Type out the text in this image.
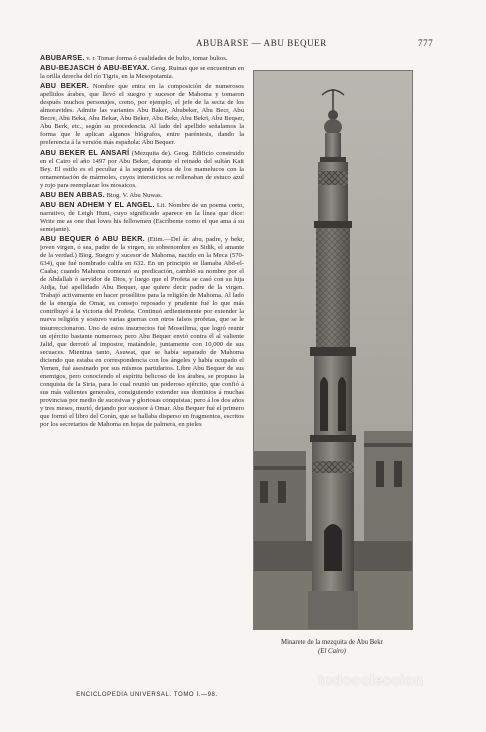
ABUBARSE — ABU BEQUER	777

ABUBARSE. v. r. Tomar forma ó cualidades de bulto, tomar bultos.

ABU-BEJASCH ó ABU-BEYAX. Geog. Ruinas que se encuentran en la orilla derecha del río Tigris, en la Mesopotamia.

ABU BEKER. Nombre que entra en la composición de numerosos apellidos árabes, que llevó el suegro y sucesor de Mahoma y tomaron después muchos personajes, como, por ejemplo, el jefe de la secta de los almoravides. Admite las variantes Abu Baker, Abubeker, Abu Becr, Abu Becre, Abu Beka, Abu Bekar, Abu Beker, Abu Bekr, Abu Bekri, Abu Beqser, Abu Berk, etc., según su procedencia. Al lado del apellido señalamos la forma que le aplican algunos biógrafos, entre paréntesis, dando la preferencia á la versión más española: Abu Bequer.

ABU BEKER EL ANSARÍ (Mezquita de). Geog. Edificio construido en el Cairo el año 1497 por Abu Beker, durante el reinado del sultán Kait Bey. El estilo es el peculiar á la segunda época de los mamelucos con la ornamentación de mármoles, cuyos intersticios se rellenaban de estuco azul y rojo para reemplazar los mosaicos.

ABU BEN ABBAS. Biog. V. Abu Nuwas.

ABU BEN ADHEM Y EL ANGEL. Lit. Nombre de un poema corto, narrativo, de Leigh Hunt, cuyo significado aparece en la línea que dice: Write me as one that loves his fellowmen (Escríbeme como el que ama á su semejante).

ABU BEQUER ó ABU BEKR. (Etim.—Del ár. abu, padre, y bekr, joven virgen, ó sea, padre de la virgen, su sobrenombre es Sidik, el amante de la verdad.) Biog. Suegro y sucesor de Mahoma, nacido en la Meca (570-634), que fué nombrado califa en 632. En un principio se llamaba Abd-el-Caaba; cuando Mahoma comenzó su predicación, cambió su nombre por el de Abdallah ó servidor de Dios, y luego que el Profeta se casó con su hija Aidja, fué apellidado Abu Bequer, que quiere decir padre de la virgen. Trabajó activamente en hacer prosélitos para la religión de Mahoma. Al lado de la energía de Omar, su consejo reposado y prudente fué lo que más contribuyó á la victoria del Profeta. Continuó ardientemente por extender la nueva religión y sostuvo varias guerras con otros falsos profetas, que se le insurreccionaron. Uno de estos insurrectos fué Moseilima, que logró reunir un ejército bastante numeroso; pero Abu Bequer envió contra él al valiente Jalid, que derrotó al impostor, matándole, juntamente con 10,000 de sus secuaces. Mientras tanto, Asuwat, que se había separado de Mahoma diciendo que estaba en correspondencia con los ángeles y había ocupado el Yemen, fué asesinado por sus mismos partidarios. Libre Abu Bequer de sus enemigos, pero conociendo el espíritu belicoso de los árabes, se propuso la conquista de la Siria, para lo cual reunió un poderoso ejército, que confió á sus más valientes generales, consiguiendo extender sus dominios á muchas provincias por medio de sucesivas y gloriosas conquistas; pero á los dos años y tres meses, murió, dejando por sucesor á Omar. Abu Bequer fué el primero que formó el libro del Corán, que se hallaba disperso en fragmentos, escritos por los secretarios de Mahoma en hojas de palmera, en pieles

Minarete de la mezquita de Abu Bekr
(El Cairo)
ENCICLOPEDIA UNIVERSAL. TOMO I.—98.
todocoleccion
